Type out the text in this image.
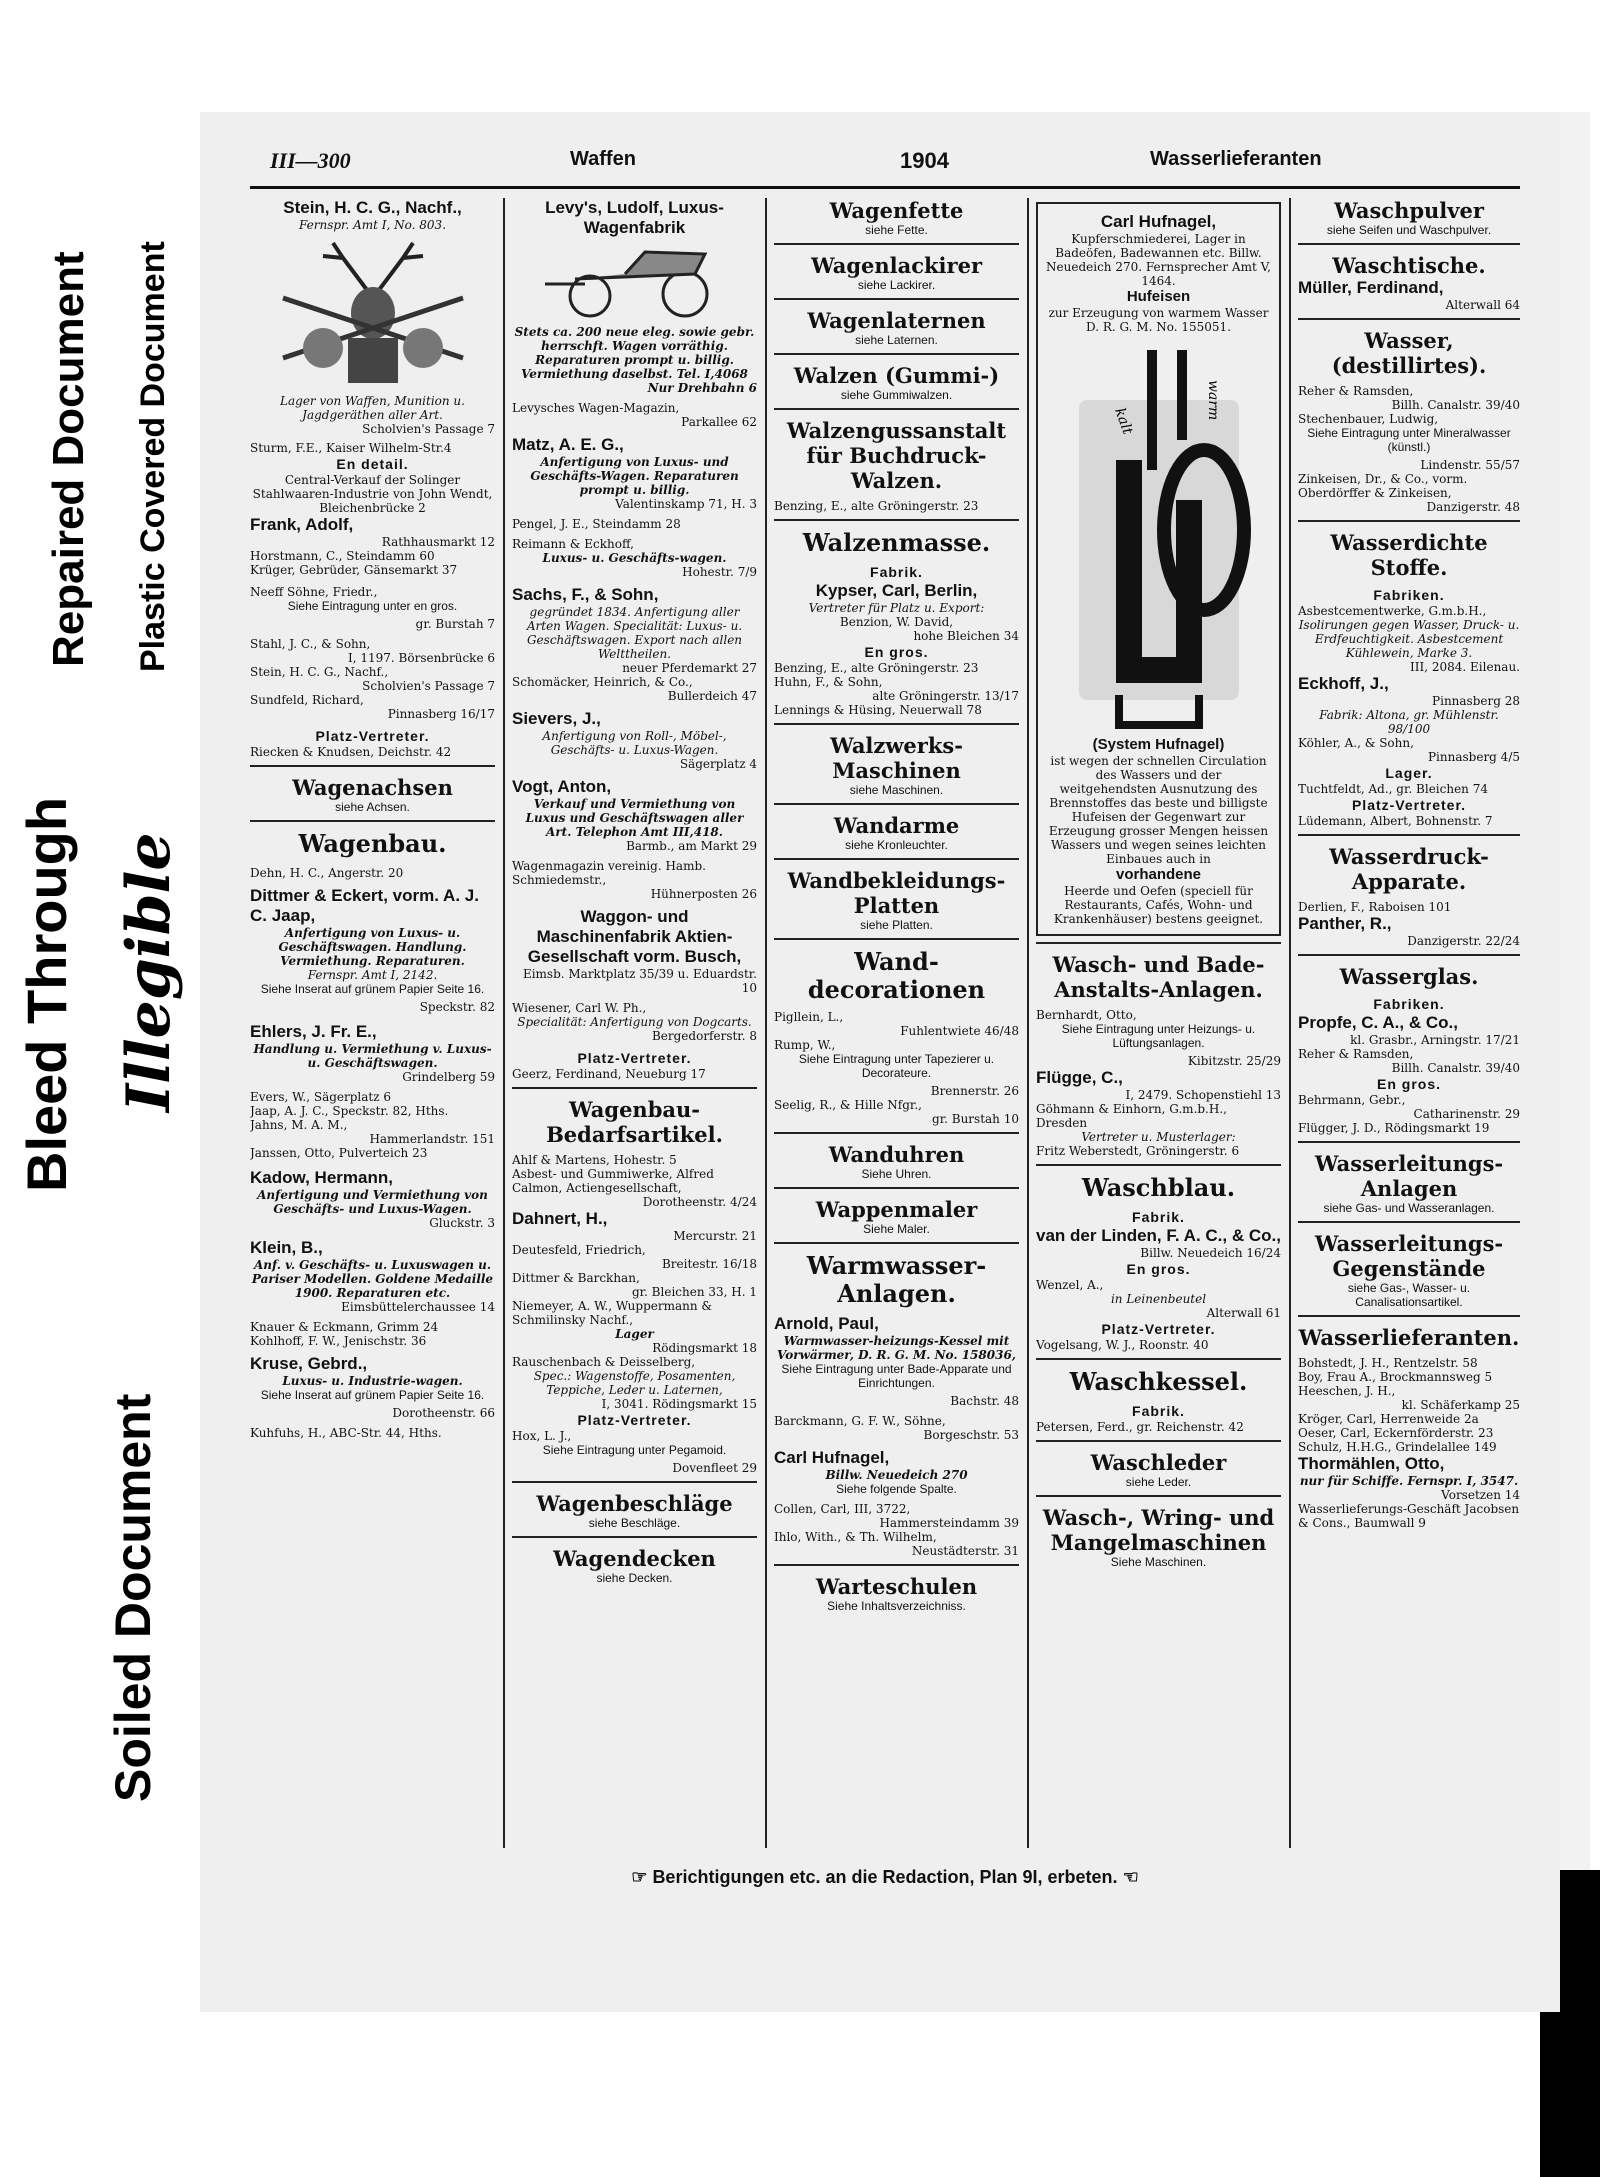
Repaired Document Plastic Covered Document
Bleed Through Illegible
Soiled Document
III—300	Waffen	1904	Wasserlieferanten
Stein, H. C. G., Nachf.,
Fernspr. Amt I, No. 803.
Lager von Waffen, Munition u. Jagdgeräthen aller Art.
Scholvien's Passage 7
Sturm, F.E., Kaiser Wilhelm-Str.4
En detail.
Central-Verkauf der Solinger Stahlwaaren-Industrie von John Wendt, Bleichenbrücke 2
Frank, Adolf,
Rathhausmarkt 12
Horstmann, C., Steindamm 60
Krüger, Gebrüder, Gänsemarkt 37
Neeff Söhne, Friedr.,
Siehe Eintragung unter en gros.
gr. Burstah 7
Stahl, J. C., & Sohn,
I, 1197. Börsenbrücke 6
Stein, H. C. G., Nachf.,
Scholvien's Passage 7
Sundfeld, Richard,
Pinnasberg 16/17
Platz-Vertreter.
Riecken & Knudsen, Deichstr. 42
Wagenachsen
siehe Achsen.
Wagenbau.
Dehn, H. C., Angerstr. 20
Dittmer & Eckert, vorm. A. J. C. Jaap,
Anfertigung von Luxus- u. Geschäftswagen. Handlung. Vermiethung. Reparaturen.
Fernspr. Amt I, 2142.
Siehe Inserat auf grünem Papier Seite 16.
Speckstr. 82
Ehlers, J. Fr. E.,
Handlung u. Vermiethung v. Luxus- u. Geschäftswagen.
Grindelberg 59
Evers, W., Sägerplatz 6
Jaap, A. J. C., Speckstr. 82, Hths.
Jahns, M. A. M.,
Hammerlandstr. 151
Janssen, Otto, Pulverteich 23
Kadow, Hermann,
Anfertigung und Vermiethung von Geschäfts- und Luxus-Wagen.
Gluckstr. 3
Klein, B.,
Anf. v. Geschäfts- u. Luxuswagen u. Pariser Modellen. Goldene Medaille 1900. Reparaturen etc.
Eimsbüttelerchaussee 14
Knauer & Eckmann, Grimm 24
Kohlhoff, F. W., Jenischstr. 36
Kruse, Gebrd.,
Luxus- u. Industrie-wagen.
Siehe Inserat auf grünem Papier Seite 16.
Dorotheenstr. 66
Kuhfuhs, H., ABC-Str. 44, Hths.
Levy's, Ludolf, Luxus-Wagenfabrik
Stets ca. 200 neue eleg. sowie gebr. herrschft. Wagen vorräthig. Reparaturen prompt u. billig. Vermiethung daselbst. Tel. I,4068
Nur Drehbahn 6
Levysches Wagen-Magazin,
Parkallee 62
Matz, A. E. G.,
Anfertigung von Luxus- und Geschäfts-Wagen. Reparaturen prompt u. billig.
Valentinskamp 71, H. 3
Pengel, J. E., Steindamm 28
Reimann & Eckhoff,
Luxus- u. Geschäfts-wagen.
Hohestr. 7/9
Sachs, F., & Sohn,
gegründet 1834. Anfertigung aller Arten Wagen. Specialität: Luxus- u. Geschäftswagen. Export nach allen Welttheilen.
neuer Pferdemarkt 27
Schomäcker, Heinrich, & Co.,
Bullerdeich 47
Sievers, J.,
Anfertigung von Roll-, Möbel-, Geschäfts- u. Luxus-Wagen.
Sägerplatz 4
Vogt, Anton,
Verkauf und Vermiethung von Luxus und Geschäftswagen aller Art. Telephon Amt III,418.
Barmb., am Markt 29
Wagenmagazin vereinig. Hamb. Schmiedemstr.,
Hühnerposten 26
Waggon- und Maschinenfabrik Aktien-Gesellschaft vorm. Busch,
Eimsb. Marktplatz 35/39 u. Eduardstr. 10
Wiesener, Carl W. Ph.,
Specialität: Anfertigung von Dogcarts.
Bergedorferstr. 8
Platz-Vertreter.
Geerz, Ferdinand, Neueburg 17
Wagenbau-Bedarfsartikel.
Ahlf & Martens, Hohestr. 5
Asbest- und Gummiwerke, Alfred Calmon, Actiengesellschaft,
Dorotheenstr. 4/24
Dahnert, H.,
Mercurstr. 21
Deutesfeld, Friedrich,
Breitestr. 16/18
Dittmer & Barckhan,
gr. Bleichen 33, H. 1
Niemeyer, A. W., Wuppermann & Schmilinsky Nachf.,
Lager
Rödingsmarkt 18
Rauschenbach & Deisselberg,
Spec.: Wagenstoffe, Posamenten, Teppiche, Leder u. Laternen,
I, 3041. Rödingsmarkt 15
Platz-Vertreter.
Hox, L. J.,
Siehe Eintragung unter Pegamoid.
Dovenfleet 29
Wagenbeschläge
siehe Beschläge.
Wagendecken
siehe Decken.
Wagenfette
siehe Fette.
Wagenlackirer
siehe Lackirer.
Wagenlaternen
siehe Laternen.
Walzen (Gummi-)
siehe Gummiwalzen.
Walzengussanstalt für Buchdruck-Walzen.
Benzing, E., alte Gröningerstr. 23
Walzenmasse.
Fabrik.
Kypser, Carl, Berlin,
Vertreter für Platz u. Export:
Benzion, W. David,
hohe Bleichen 34
En gros.
Benzing, E., alte Gröningerstr. 23
Huhn, F., & Sohn,
alte Gröningerstr. 13/17
Lennings & Hüsing, Neuerwall 78
Walzwerks-Maschinen
siehe Maschinen.
Wandarme
siehe Kronleuchter.
Wandbekleidungs-Platten
siehe Platten.
Wand-decorationen
Pigllein, L.,
Fuhlentwiete 46/48
Rump, W.,
Siehe Eintragung unter Tapezierer u. Decorateure.
Brennerstr. 26
Seelig, R., & Hille Nfgr.,
gr. Burstah 10
Wanduhren
Siehe Uhren.
Wappenmaler
Siehe Maler.
Warmwasser-Anlagen.
Arnold, Paul,
Warmwasser-heizungs-Kessel mit Vorwärmer, D. R. G. M. No. 158036,
Siehe Eintragung unter Bade-Apparate und Einrichtungen.
Bachstr. 48
Barckmann, G. F. W., Söhne,
Borgeschstr. 53
Carl Hufnagel,
Billw. Neuedeich 270
Siehe folgende Spalte.
Collen, Carl, III, 3722,
Hammersteindamm 39
Ihlo, With., & Th. Wilhelm,
Neustädterstr. 31
Warteschulen
Siehe Inhaltsverzeichniss.
Carl Hufnagel,
Kupferschmiederei, Lager in Badeöfen, Badewannen etc. Billw. Neuedeich 270. Fernsprecher Amt V, 1464.
Hufeisen
zur Erzeugung von warmem Wasser D. R. G. M. No. 155051.
kalt
warm
(System Hufnagel)
ist wegen der schnellen Circulation des Wassers und der weitgehendsten Ausnutzung des Brennstoffes das beste und billigste Hufeisen der Gegenwart zur Erzeugung grosser Mengen heissen Wassers und wegen seines leichten Einbaues auch in
vorhandene
Heerde und Oefen (speciell für Restaurants, Cafés, Wohn- und Krankenhäuser) bestens geeignet.
Wasch- und Bade-Anstalts-Anlagen.
Bernhardt, Otto,
Siehe Eintragung unter Heizungs- u. Lüftungsanlagen.
Kibitzstr. 25/29
Flügge, C.,
I, 2479. Schopenstiehl 13
Göhmann & Einhorn, G.m.b.H., Dresden
Vertreter u. Musterlager:
Fritz Weberstedt, Gröningerstr. 6
Waschblau.
Fabrik.
van der Linden, F. A. C., & Co.,
Billw. Neuedeich 16/24
En gros.
Wenzel, A.,
in Leinenbeutel
Alterwall 61
Platz-Vertreter.
Vogelsang, W. J., Roonstr. 40
Waschkessel.
Fabrik.
Petersen, Ferd., gr. Reichenstr. 42
Waschleder
siehe Leder.
Wasch-, Wring- und Mangelmaschinen
Siehe Maschinen.
Waschpulver
siehe Seifen und Waschpulver.
Waschtische.
Müller, Ferdinand,
Alterwall 64
Wasser, (destillirtes).
Reher & Ramsden,
Billh. Canalstr. 39/40
Stechenbauer, Ludwig,
Siehe Eintragung unter Mineralwasser (künstl.)
Lindenstr. 55/57
Zinkeisen, Dr., & Co., vorm. Oberdörffer & Zinkeisen,
Danzigerstr. 48
Wasserdichte Stoffe.
Fabriken.
Asbestcementwerke, G.m.b.H.,
Isolirungen gegen Wasser, Druck- u. Erdfeuchtigkeit. Asbestcement Kühlewein, Marke 3.
III, 2084. Eilenau.
Eckhoff, J.,
Pinnasberg 28
Fabrik: Altona, gr. Mühlenstr. 98/100
Köhler, A., & Sohn,
Pinnasberg 4/5
Lager.
Tuchtfeldt, Ad., gr. Bleichen 74
Platz-Vertreter.
Lüdemann, Albert, Bohnenstr. 7
Wasserdruck-Apparate.
Derlien, F., Raboisen 101
Panther, R.,
Danzigerstr. 22/24
Wasserglas.
Fabriken.
Propfe, C. A., & Co.,
kl. Grasbr., Arningstr. 17/21
Reher & Ramsden,
Billh. Canalstr. 39/40
En gros.
Behrmann, Gebr.,
Catharinenstr. 29
Flügger, J. D., Rödingsmarkt 19
Wasserleitungs-Anlagen
siehe Gas- und Wasseranlagen.
Wasserleitungs-Gegenstände
siehe Gas-, Wasser- u. Canalisationsartikel.
Wasserlieferanten.
Bohstedt, J. H., Rentzelstr. 58
Boy, Frau A., Brockmannsweg 5
Heeschen, J. H.,
kl. Schäferkamp 25
Kröger, Carl, Herrenweide 2a
Oeser, Carl, Eckernförderstr. 23
Schulz, H.H.G., Grindelallee 149
Thormählen, Otto,
nur für Schiffe. Fernspr. I, 3547.
Vorsetzen 14
Wasserlieferungs-Geschäft Jacobsen & Cons., Baumwall 9
☞ Berichtigungen etc. an die Redaction, Plan 9I, erbeten. ☜
